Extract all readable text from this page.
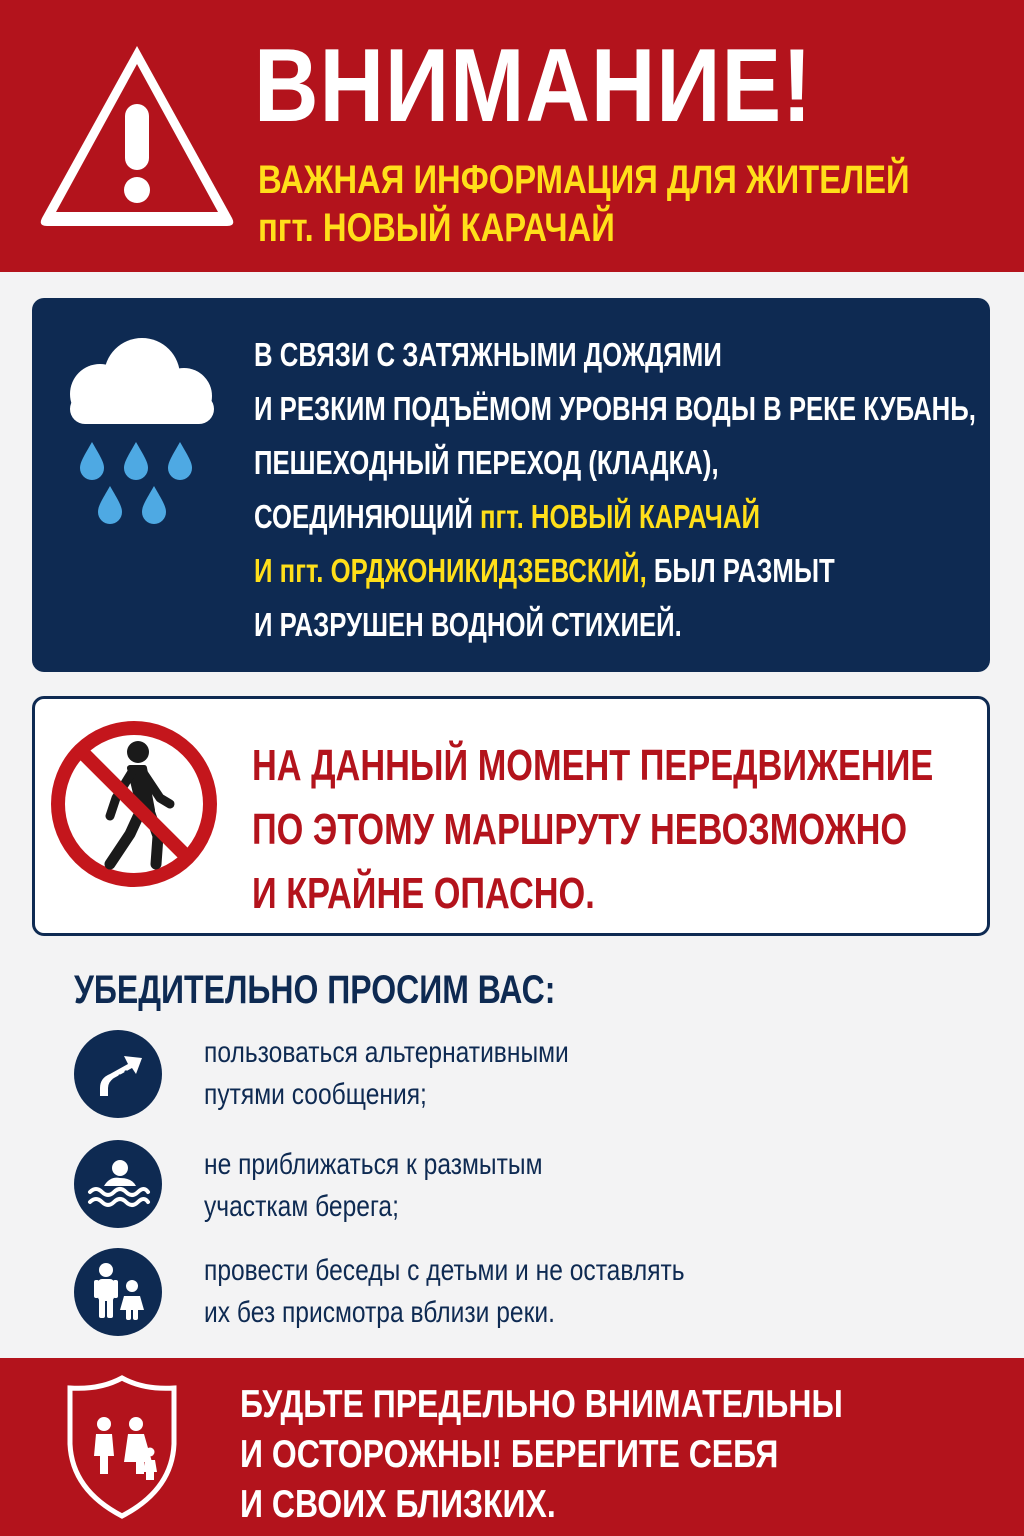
ВНИМАНИЕ!
ВАЖНАЯ ИНФОРМАЦИЯ ДЛЯ ЖИТЕЛЕЙ
пгт. НОВЫЙ КАРАЧАЙ
В СВЯЗИ С ЗАТЯЖНЫМИ ДОЖДЯМИ
И РЕЗКИМ ПОДЪЁМОМ УРОВНЯ ВОДЫ В РЕКЕ КУБАНЬ,
ПЕШЕХОДНЫЙ ПЕРЕХОД (КЛАДКА),
СОЕДИНЯЮЩИЙ пгт. НОВЫЙ КАРАЧАЙ
И пгт. ОРДЖОНИКИДЗЕВСКИЙ, БЫЛ РАЗМЫТ
И РАЗРУШЕН ВОДНОЙ СТИХИЕЙ.
НА ДАННЫЙ МОМЕНТ ПЕРЕДВИЖЕНИЕ
ПО ЭТОМУ МАРШРУТУ НЕВОЗМОЖНО
И КРАЙНЕ ОПАСНО.
УБЕДИТЕЛЬНО ПРОСИМ ВАС:
пользоваться альтернативными
путями сообщения;
не приближаться к размытым
участкам берега;
провести беседы с детьми и не оставлять
их без присмотра вблизи реки.
БУДЬТЕ ПРЕДЕЛЬНО ВНИМАТЕЛЬНЫ
И ОСТОРОЖНЫ! БЕРЕГИТЕ СЕБЯ
И СВОИХ БЛИЗКИХ.
